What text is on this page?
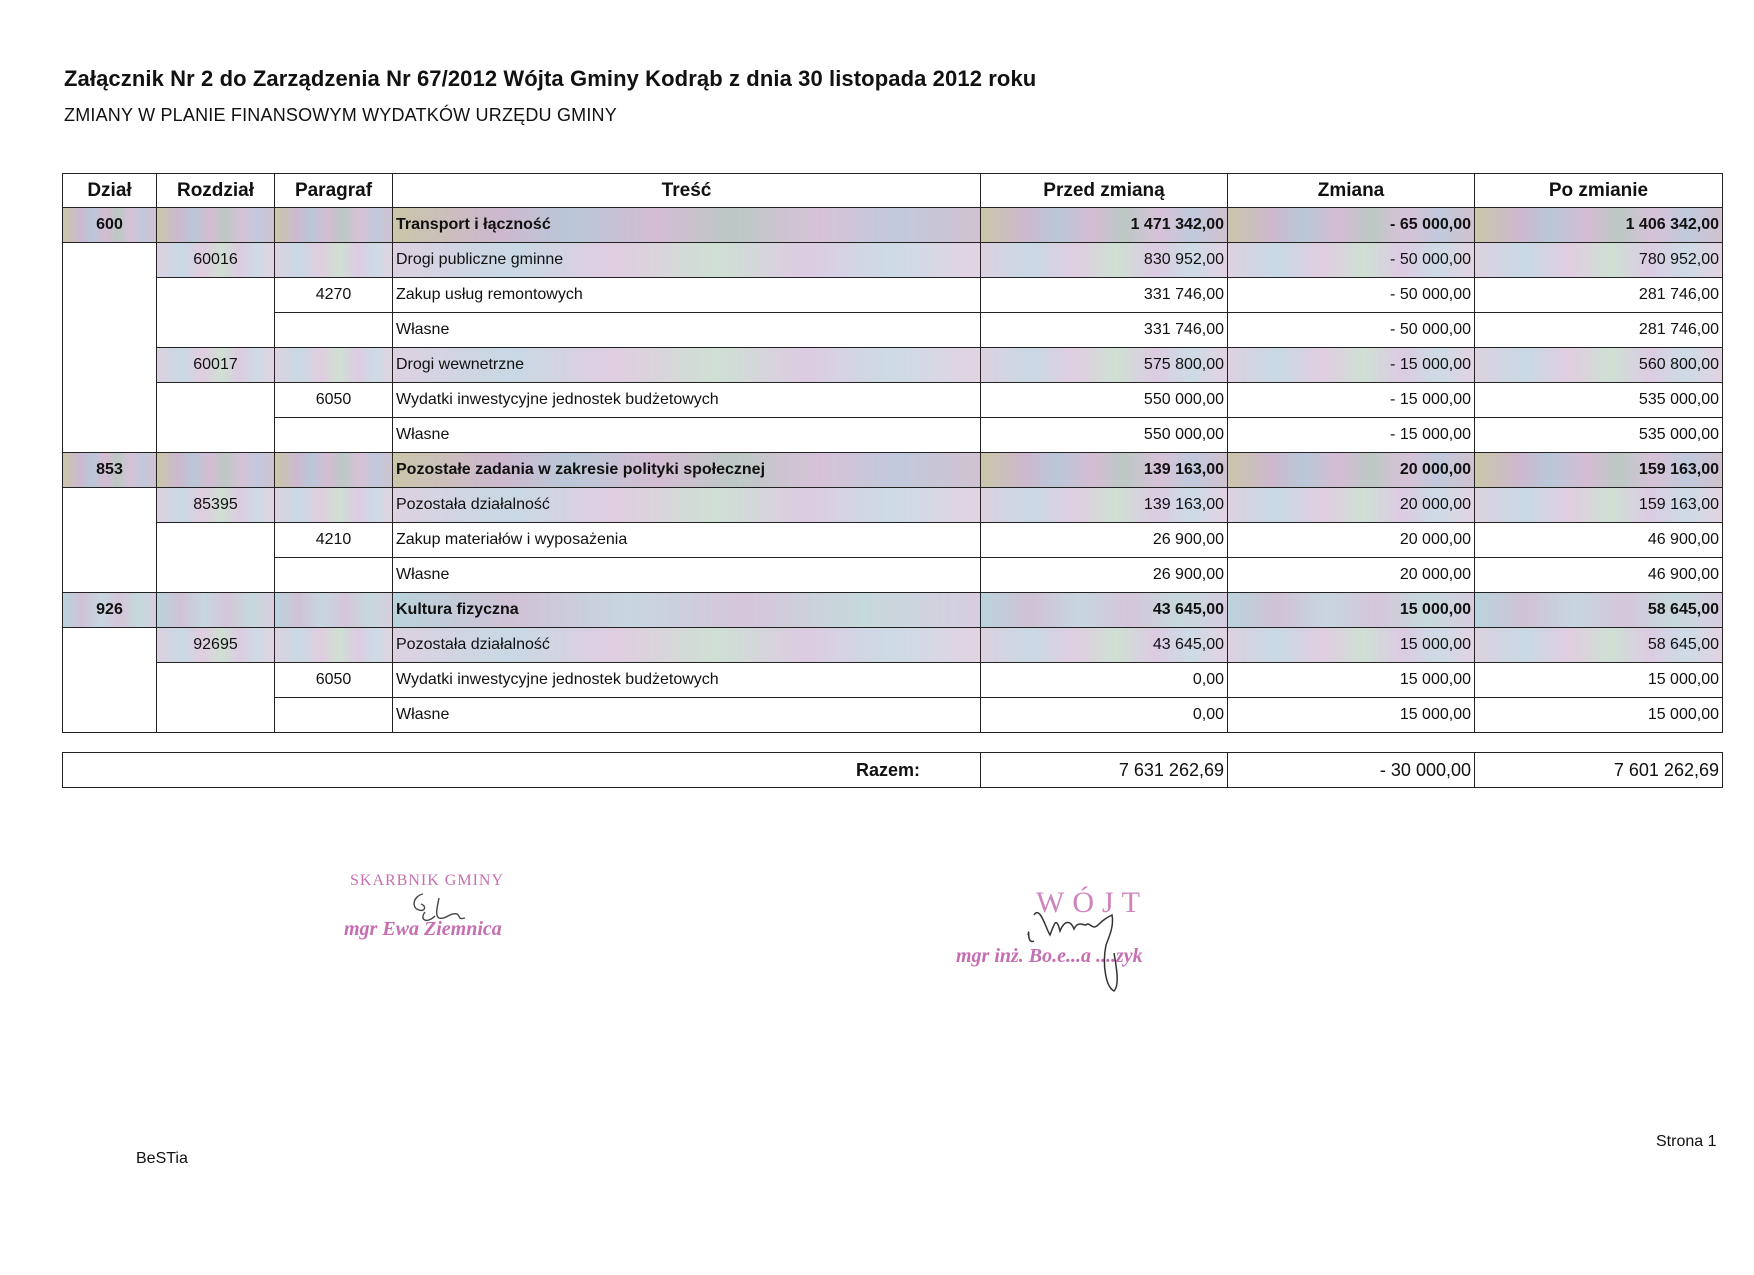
Załącznik Nr 2 do Zarządzenia Nr 67/2012 Wójta Gminy Kodrąb z dnia 30 listopada 2012 roku
ZMIANY W PLANIE FINANSOWYM WYDATKÓW URZĘDU GMINY
Dział	Rozdział	Paragraf	Treść	Przed zmianą	Zmiana	Po zmianie
600			Transport i łączność	1 471 342,00	- 65 000,00	1 406 342,00
	60016		Drogi publiczne gminne	830 952,00	- 50 000,00	780 952,00
		4270	Zakup usług remontowych	331 746,00	- 50 000,00	281 746,00
			Własne	331 746,00	- 50 000,00	281 746,00
	60017		Drogi wewnetrzne	575 800,00	- 15 000,00	560 800,00
		6050	Wydatki inwestycyjne jednostek budżetowych	550 000,00	- 15 000,00	535 000,00
			Własne	550 000,00	- 15 000,00	535 000,00
853			Pozostałe zadania w zakresie polityki społecznej	139 163,00	20 000,00	159 163,00
	85395		Pozostała działalność	139 163,00	20 000,00	159 163,00
		4210	Zakup materiałów i wyposażenia	26 900,00	20 000,00	46 900,00
			Własne	26 900,00	20 000,00	46 900,00
926			Kultura fizyczna	43 645,00	15 000,00	58 645,00
	92695		Pozostała działalność	43 645,00	15 000,00	58 645,00
		6050	Wydatki inwestycyjne jednostek budżetowych	0,00	15 000,00	15 000,00
			Własne	0,00	15 000,00	15 000,00
Razem:	7 631 262,69	- 30 000,00	7 601 262,69
SKARBNIK GMINY
mgr Ewa Ziemnica
WÓJT
mgr inż. Bo.e...a ....zyk
BeSTia
Strona 1
